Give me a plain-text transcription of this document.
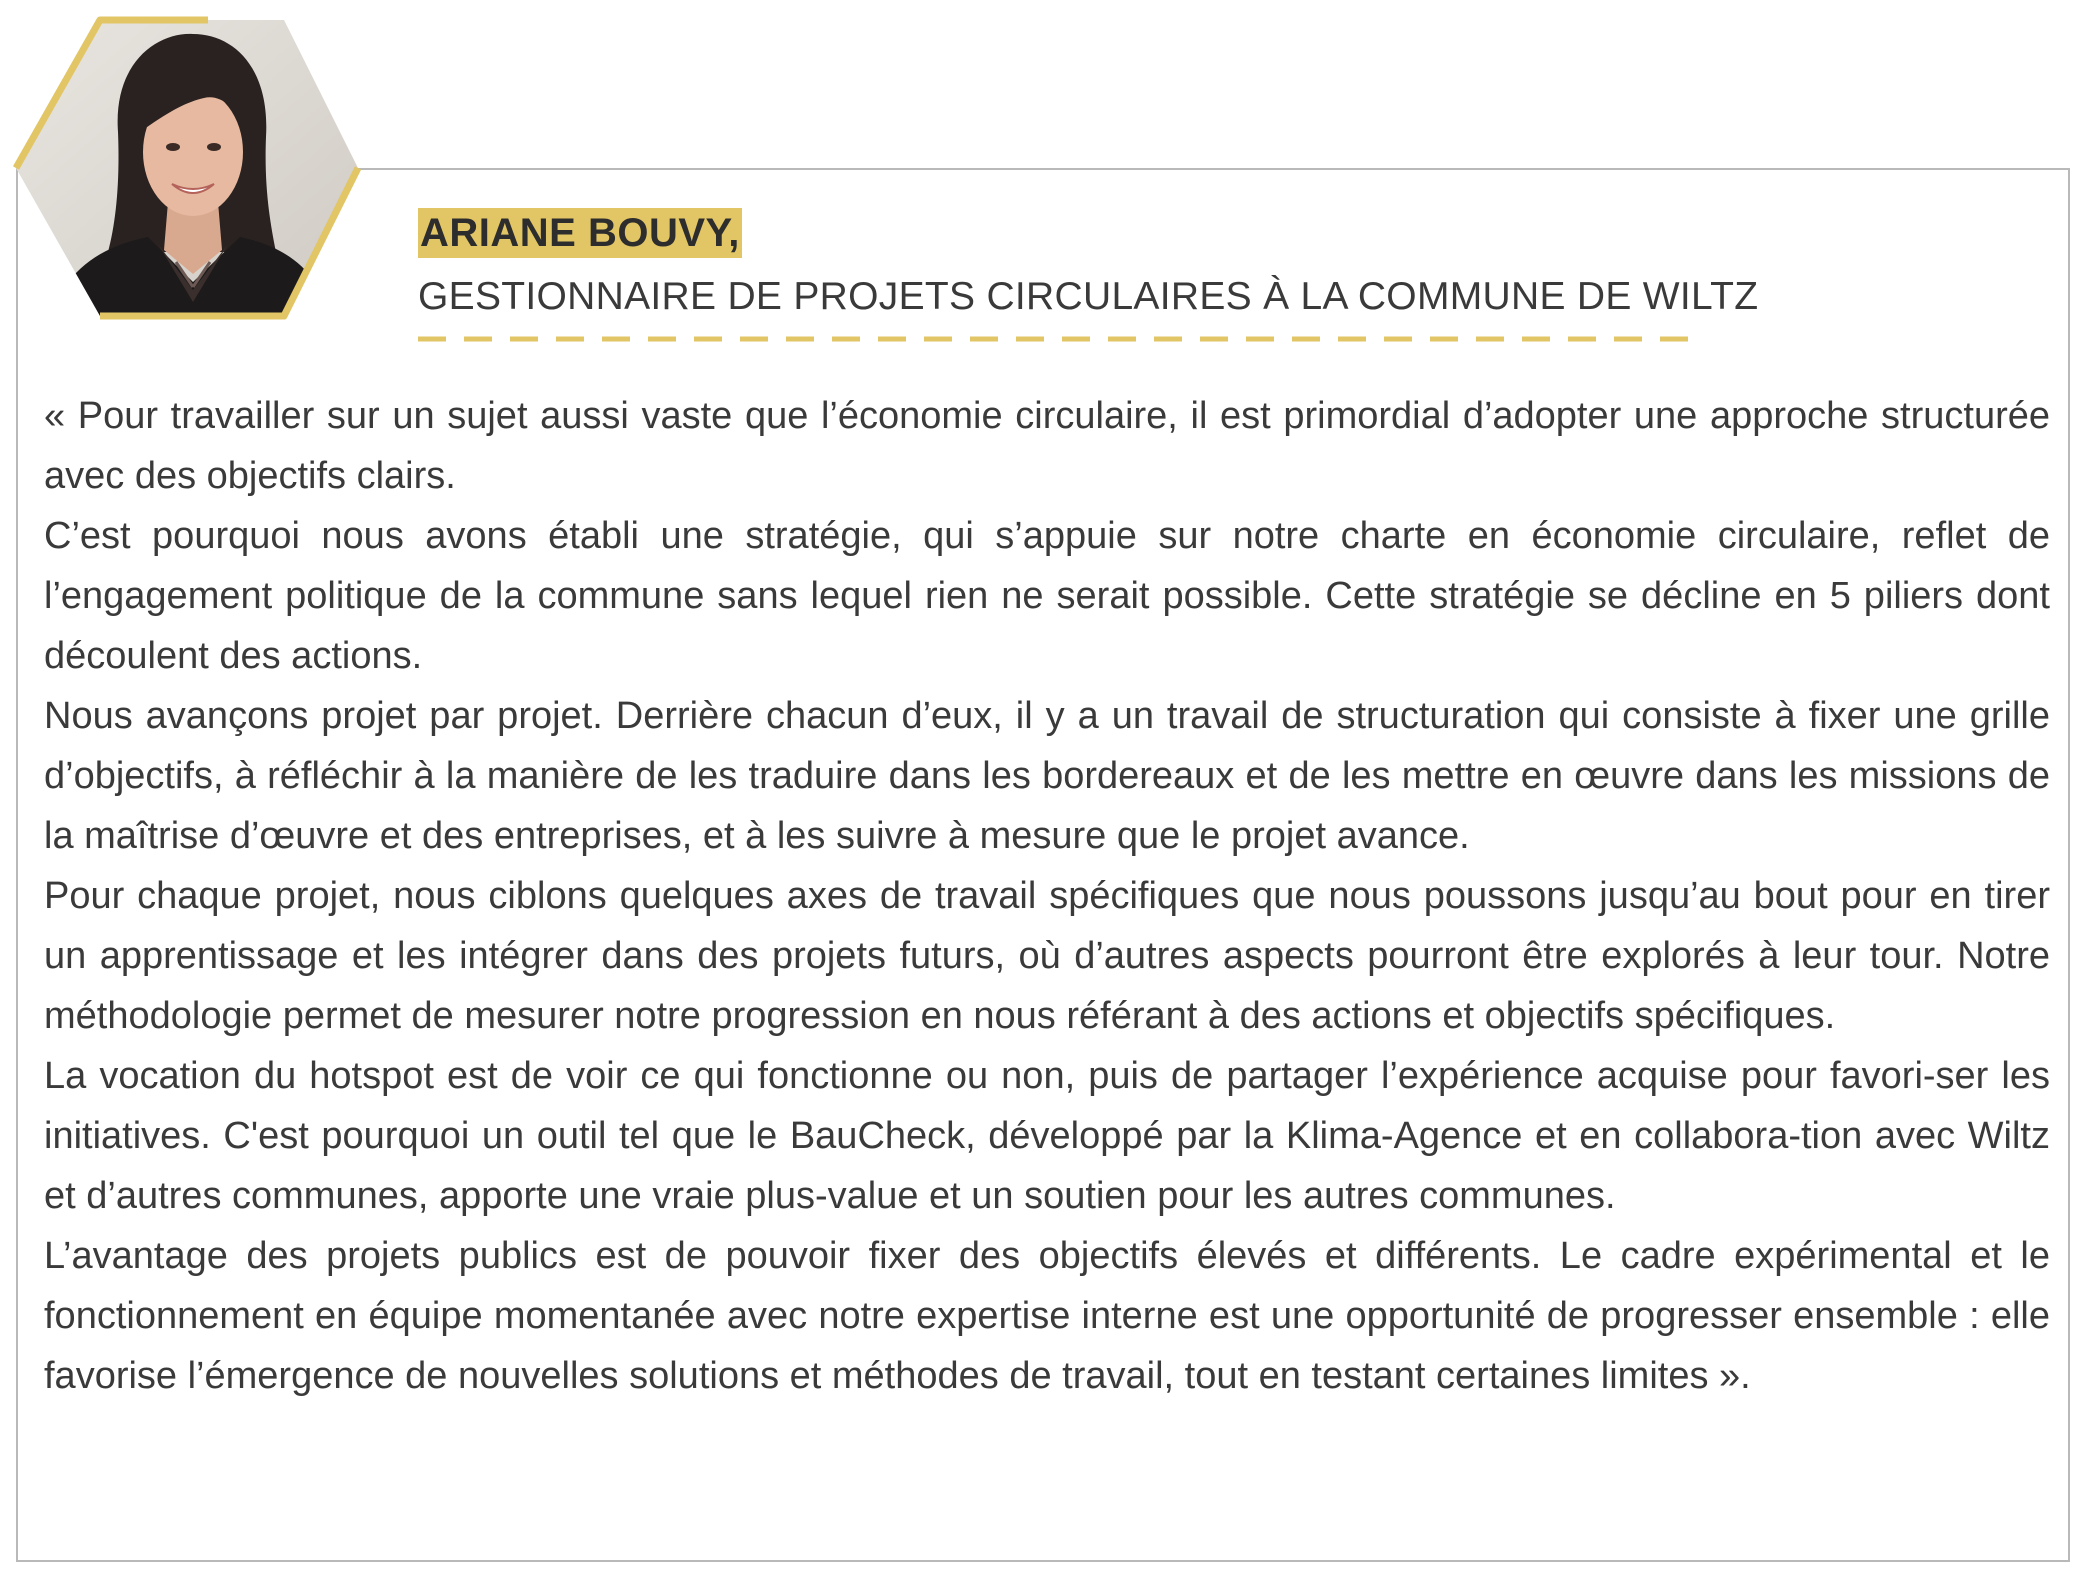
ARIANE BOUVY,
GESTIONNAIRE DE PROJETS CIRCULAIRES À LA COMMUNE DE WILTZ

« Pour travailler sur un sujet aussi vaste que l’économie circulaire, il est primordial d’adopter une approche structurée avec des objectifs clairs.

C’est pourquoi nous avons établi une stratégie, qui s’appuie sur notre charte en économie circulaire, reflet de l’engagement politique de la commune sans lequel rien ne serait possible. Cette stratégie se décline en 5 piliers dont découlent des actions.

Nous avançons projet par projet. Derrière chacun d’eux, il y a un travail de structuration qui consiste à fixer une grille d’objectifs, à réfléchir à la manière de les traduire dans les bordereaux et de les mettre en œuvre dans les missions de la maîtrise d’œuvre et des entreprises, et à les suivre à mesure que le projet avance.

Pour chaque projet, nous ciblons quelques axes de travail spécifiques que nous poussons jusqu’au bout pour en tirer un apprentissage et les intégrer dans des projets futurs, où d’autres aspects pourront être explorés à leur tour. Notre méthodologie permet de mesurer notre progression en nous référant à des actions et objectifs spécifiques.

La vocation du hotspot est de voir ce qui fonctionne ou non, puis de partager l’expérience acquise pour favori-ser les initiatives. C'est pourquoi un outil tel que le BauCheck, développé par la Klima-Agence et en collabora-tion avec Wiltz et d’autres communes, apporte une vraie plus-value et un soutien pour les autres communes.

L’avantage des projets publics est de pouvoir fixer des objectifs élevés et différents. Le cadre expérimental et le fonctionnement en équipe momentanée avec notre expertise interne est une opportunité de progresser ensemble : elle favorise l’émergence de nouvelles solutions et méthodes de travail, tout en testant certaines limites ».
